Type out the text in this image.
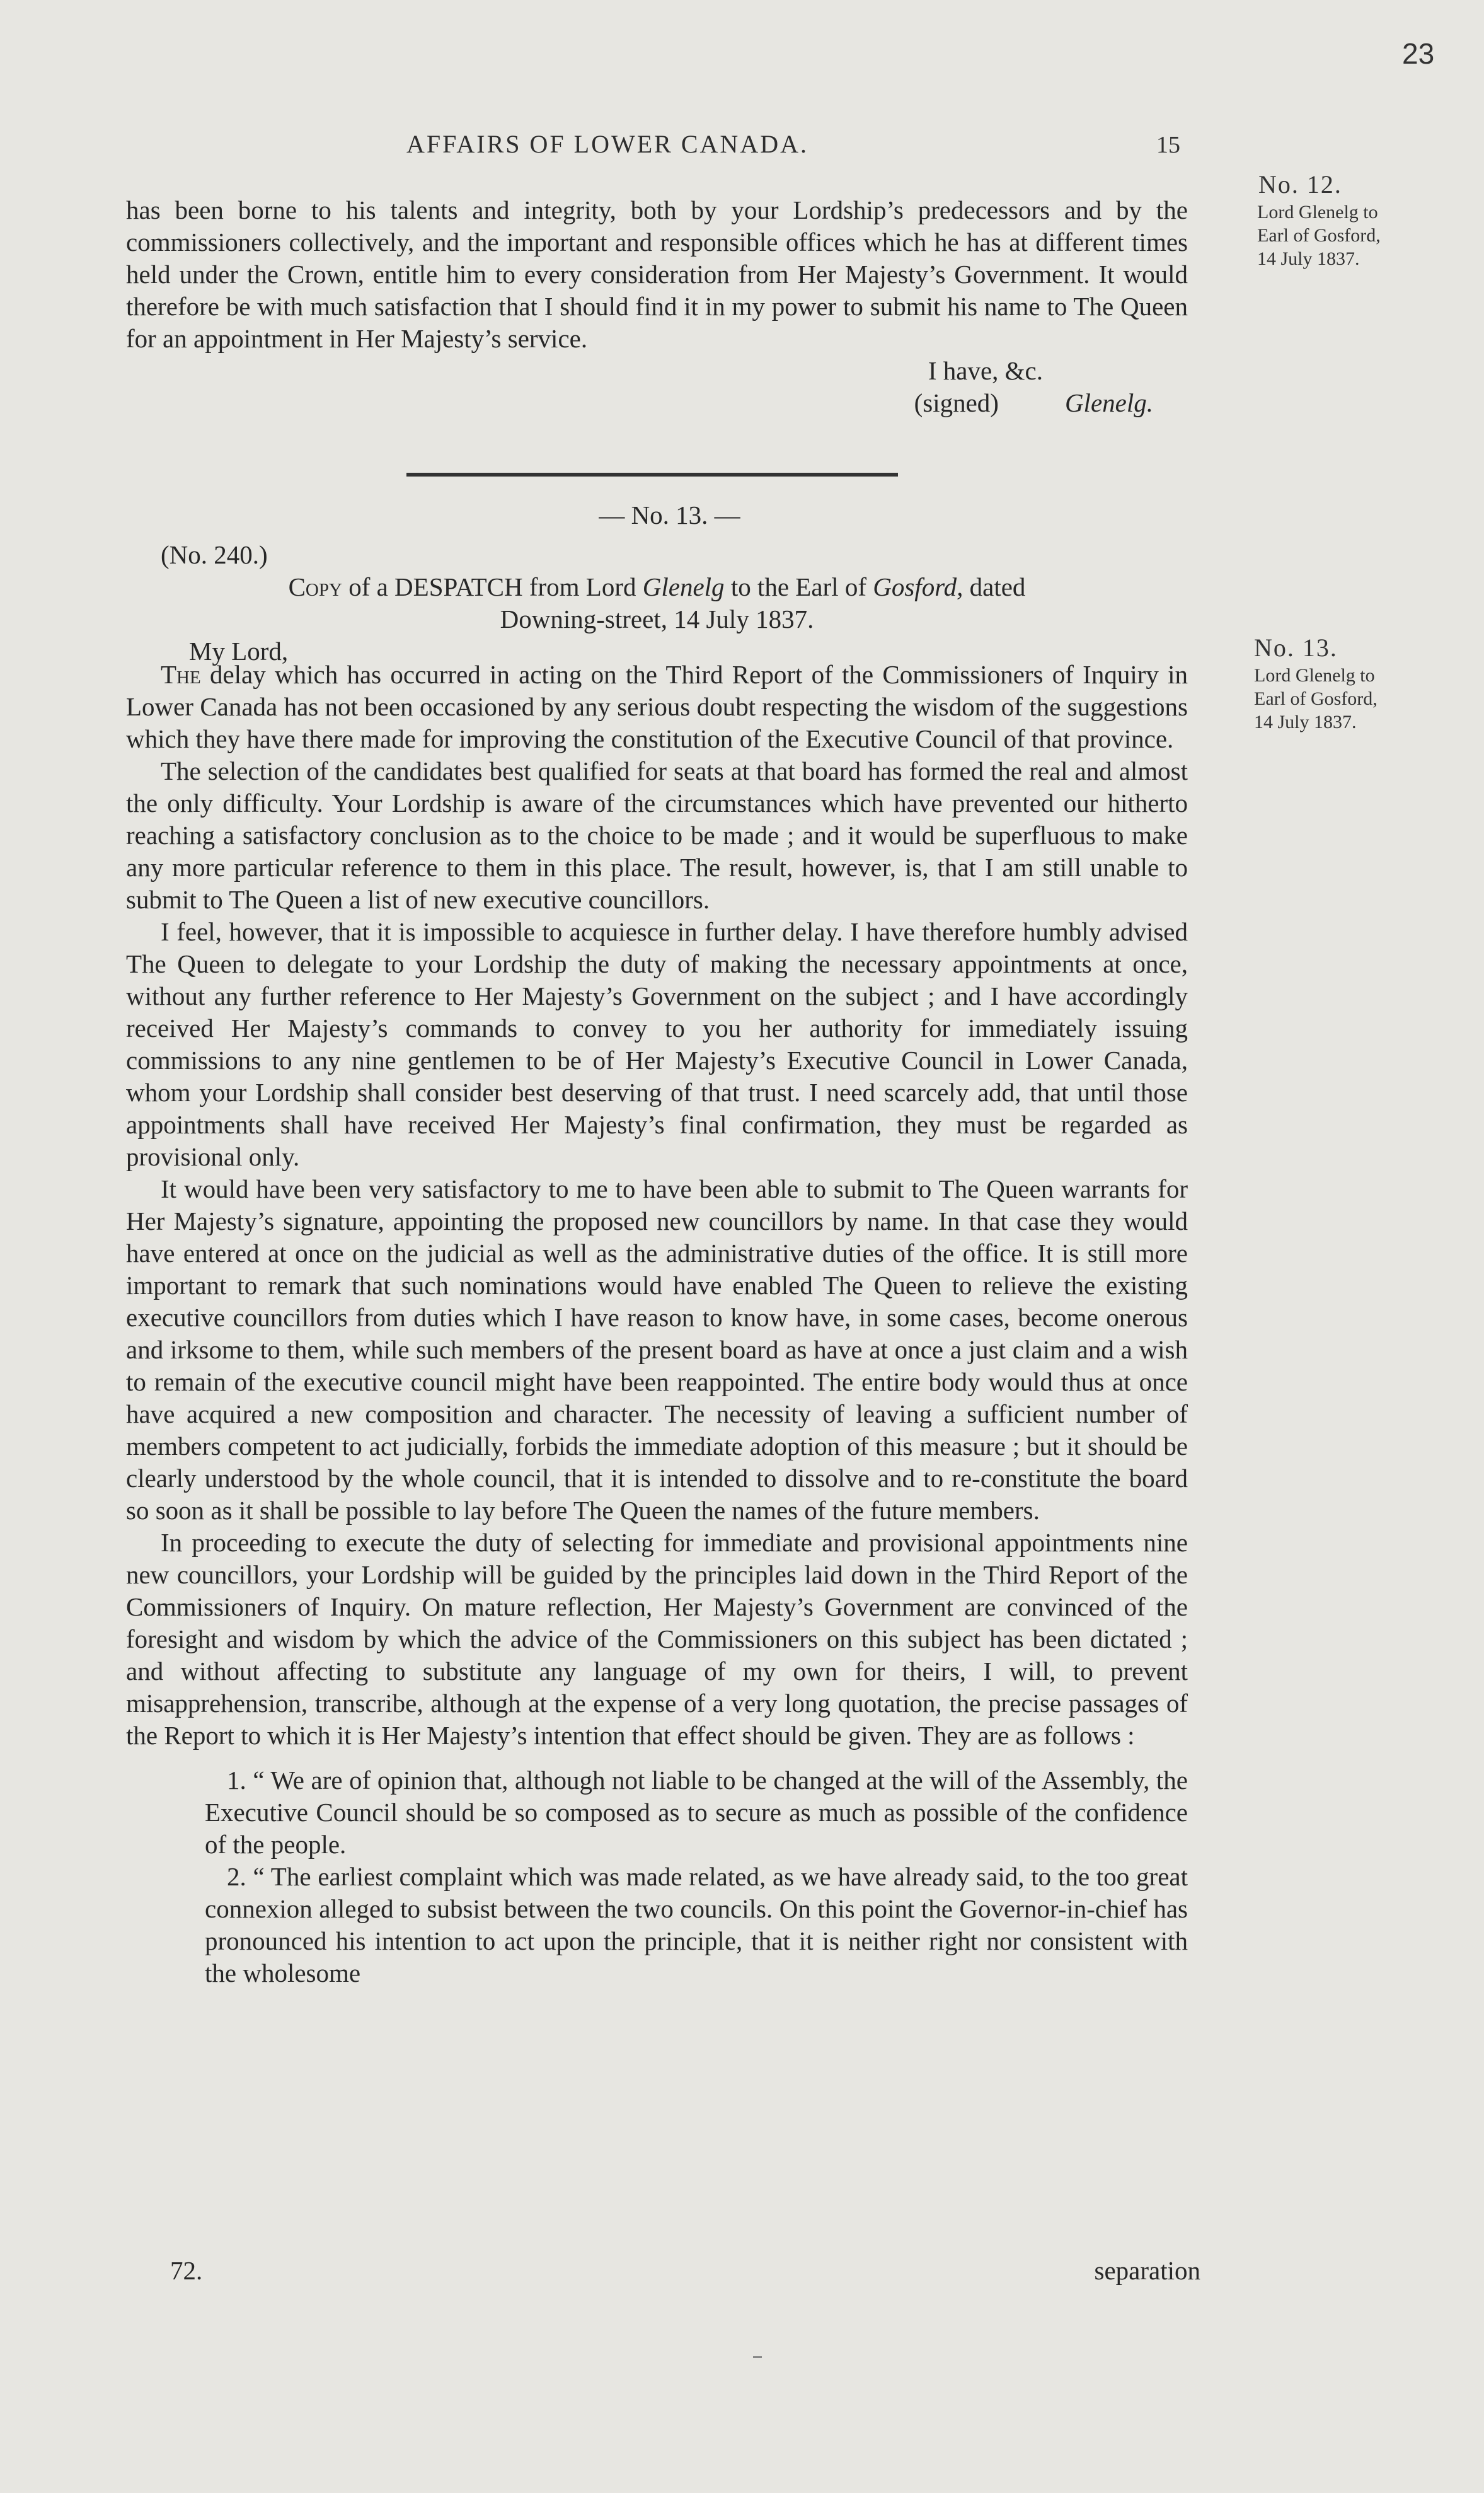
23
AFFAIRS OF LOWER CANADA.	15
No. 12.
Lord Glenelg to
Earl of Gosford,
14 July 1837.

has been borne to his talents and integrity, both by your Lordship’s predecessors and by the commissioners collectively, and the important and responsible offices which he has at different times held under the Crown, entitle him to every consideration from Her Majesty’s Government. It would therefore be with much satisfaction that I should find it in my power to submit his name to The Queen for an appointment in Her Majesty’s service.

I have, &c.

(signed)	Glenelg.

— No. 13. —
(No. 240.)
Copy of a DESPATCH from Lord Glenelg to the Earl of Gosford, dated
Downing-street, 14 July 1837.
My Lord,	No. 13.
Lord Glenelg to
Earl of Gosford,
14 July 1837.

The delay which has occurred in acting on the Third Report of the Commissioners of Inquiry in Lower Canada has not been occasioned by any serious doubt respecting the wisdom of the suggestions which they have there made for improving the constitution of the Executive Council of that province.

The selection of the candidates best qualified for seats at that board has formed the real and almost the only difficulty. Your Lordship is aware of the circumstances which have prevented our hitherto reaching a satisfactory conclusion as to the choice to be made ; and it would be superfluous to make any more particular reference to them in this place. The result, however, is, that I am still unable to submit to The Queen a list of new executive councillors.

I feel, however, that it is impossible to acquiesce in further delay. I have therefore humbly advised The Queen to delegate to your Lordship the duty of making the necessary appointments at once, without any further reference to Her Majesty’s Government on the subject ; and I have accordingly received Her Majesty’s commands to convey to you her authority for immediately issuing commissions to any nine gentlemen to be of Her Majesty’s Executive Council in Lower Canada, whom your Lordship shall consider best deserving of that trust. I need scarcely add, that until those appointments shall have received Her Majesty’s final confirmation, they must be regarded as provisional only.

It would have been very satisfactory to me to have been able to submit to The Queen warrants for Her Majesty’s signature, appointing the proposed new councillors by name. In that case they would have entered at once on the judicial as well as the administrative duties of the office. It is still more important to remark that such nominations would have enabled The Queen to relieve the existing executive councillors from duties which I have reason to know have, in some cases, become onerous and irksome to them, while such members of the present board as have at once a just claim and a wish to remain of the executive council might have been reappointed. The entire body would thus at once have acquired a new composition and character. The necessity of leaving a sufficient number of members competent to act judicially, forbids the immediate adoption of this measure ; but it should be clearly understood by the whole council, that it is intended to dissolve and to re-constitute the board so soon as it shall be possible to lay before The Queen the names of the future members.

In proceeding to execute the duty of selecting for immediate and provisional appointments nine new councillors, your Lordship will be guided by the principles laid down in the Third Report of the Commissioners of Inquiry. On mature reflection, Her Majesty’s Government are convinced of the foresight and wisdom by which the advice of the Commissioners on this subject has been dictated ; and without affecting to substitute any language of my own for theirs, I will, to prevent misapprehension, transcribe, although at the expense of a very long quotation, the precise passages of the Report to which it is Her Majesty’s intention that effect should be given. They are as follows :

1. “ We are of opinion that, although not liable to be changed at the will of the Assembly, the Executive Council should be so composed as to secure as much as possible of the confidence of the people.

2. “ The earliest complaint which was made related, as we have already said, to the too great connexion alleged to subsist between the two councils. On this point the Governor-in-chief has pronounced his intention to act upon the principle, that it is neither right nor consistent with the wholesome

72.	separation
